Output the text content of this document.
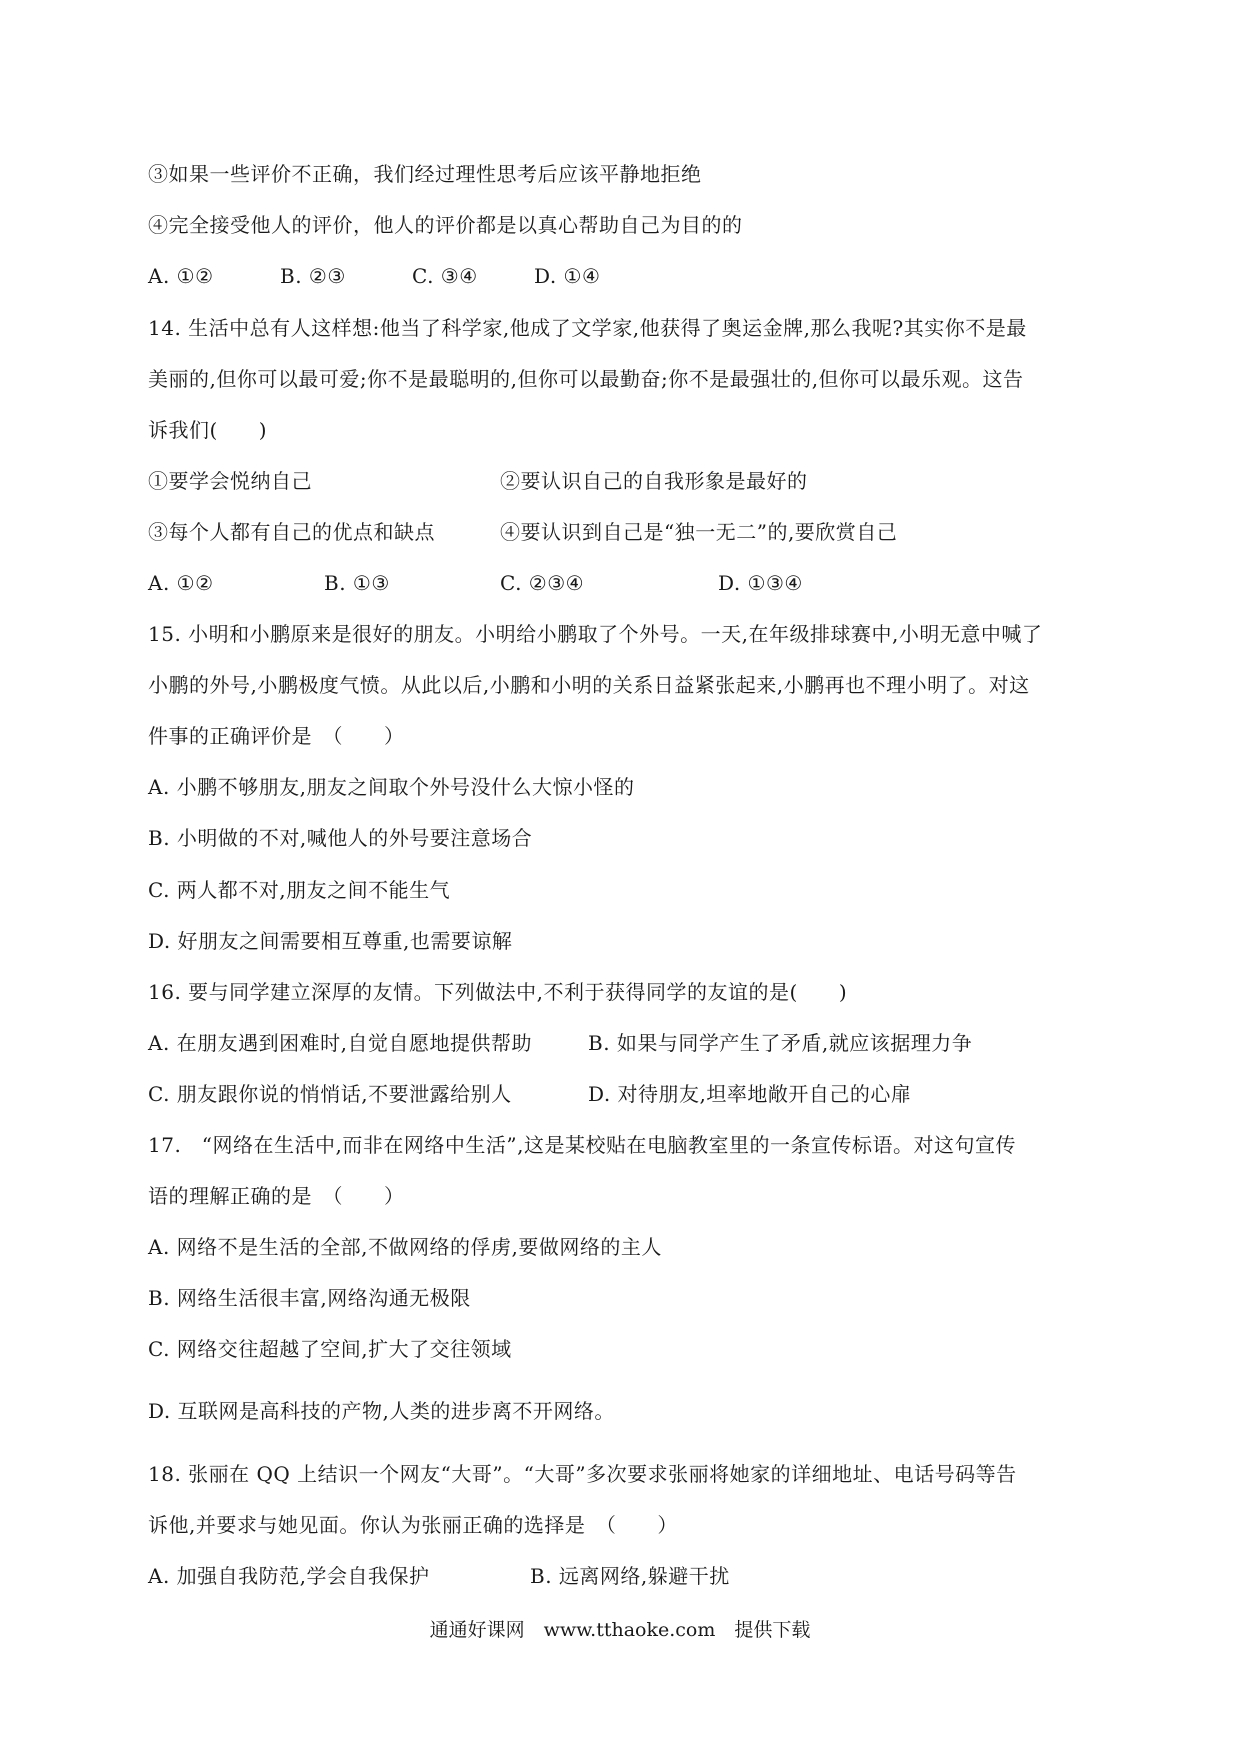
③如果一些评价不正确，我们经过理性思考后应该平静地拒绝
④完全接受他人的评价，他人的评价都是以真心帮助自己为目的的
A. ①②	B. ②③	C. ③④	D. ①④
14. 生活中总有人这样想:他当了科学家,他成了文学家,他获得了奥运金牌,那么我呢?其实你不是最
美丽的,但你可以最可爱;你不是最聪明的,但你可以最勤奋;你不是最强壮的,但你可以最乐观。这告
诉我们(　　)
①要学会悦纳自己	②要认识自己的自我形象是最好的
③每个人都有自己的优点和缺点	④要认识到自己是“独一无二”的,要欣赏自己
A. ①②	B. ①③	C. ②③④	D. ①③④
15. 小明和小鹏原来是很好的朋友。小明给小鹏取了个外号。一天,在年级排球赛中,小明无意中喊了
小鹏的外号,小鹏极度气愤。从此以后,小鹏和小明的关系日益紧张起来,小鹏再也不理小明了。对这
件事的正确评价是　（　　）
A. 小鹏不够朋友,朋友之间取个外号没什么大惊小怪的
B. 小明做的不对,喊他人的外号要注意场合
C. 两人都不对,朋友之间不能生气
D. 好朋友之间需要相互尊重,也需要谅解
16. 要与同学建立深厚的友情。下列做法中,不利于获得同学的友谊的是(　　)
A. 在朋友遇到困难时,自觉自愿地提供帮助	B. 如果与同学产生了矛盾,就应该据理力争
C. 朋友跟你说的悄悄话,不要泄露给别人	D. 对待朋友,坦率地敞开自己的心扉
17.　“网络在生活中,而非在网络中生活”,这是某校贴在电脑教室里的一条宣传标语。对这句宣传
语的理解正确的是　（　　）
A. 网络不是生活的全部,不做网络的俘虏,要做网络的主人
B. 网络生活很丰富,网络沟通无极限
C. 网络交往超越了空间,扩大了交往领域
D. 互联网是高科技的产物,人类的进步离不开网络。
18. 张丽在 QQ 上结识一个网友“大哥”。“大哥”多次要求张丽将她家的详细地址、电话号码等告
诉他,并要求与她见面。你认为张丽正确的选择是　（　　）
A. 加强自我防范,学会自我保护	B. 远离网络,躲避干扰
通通好课网　www.tthaoke.com　提供下载
